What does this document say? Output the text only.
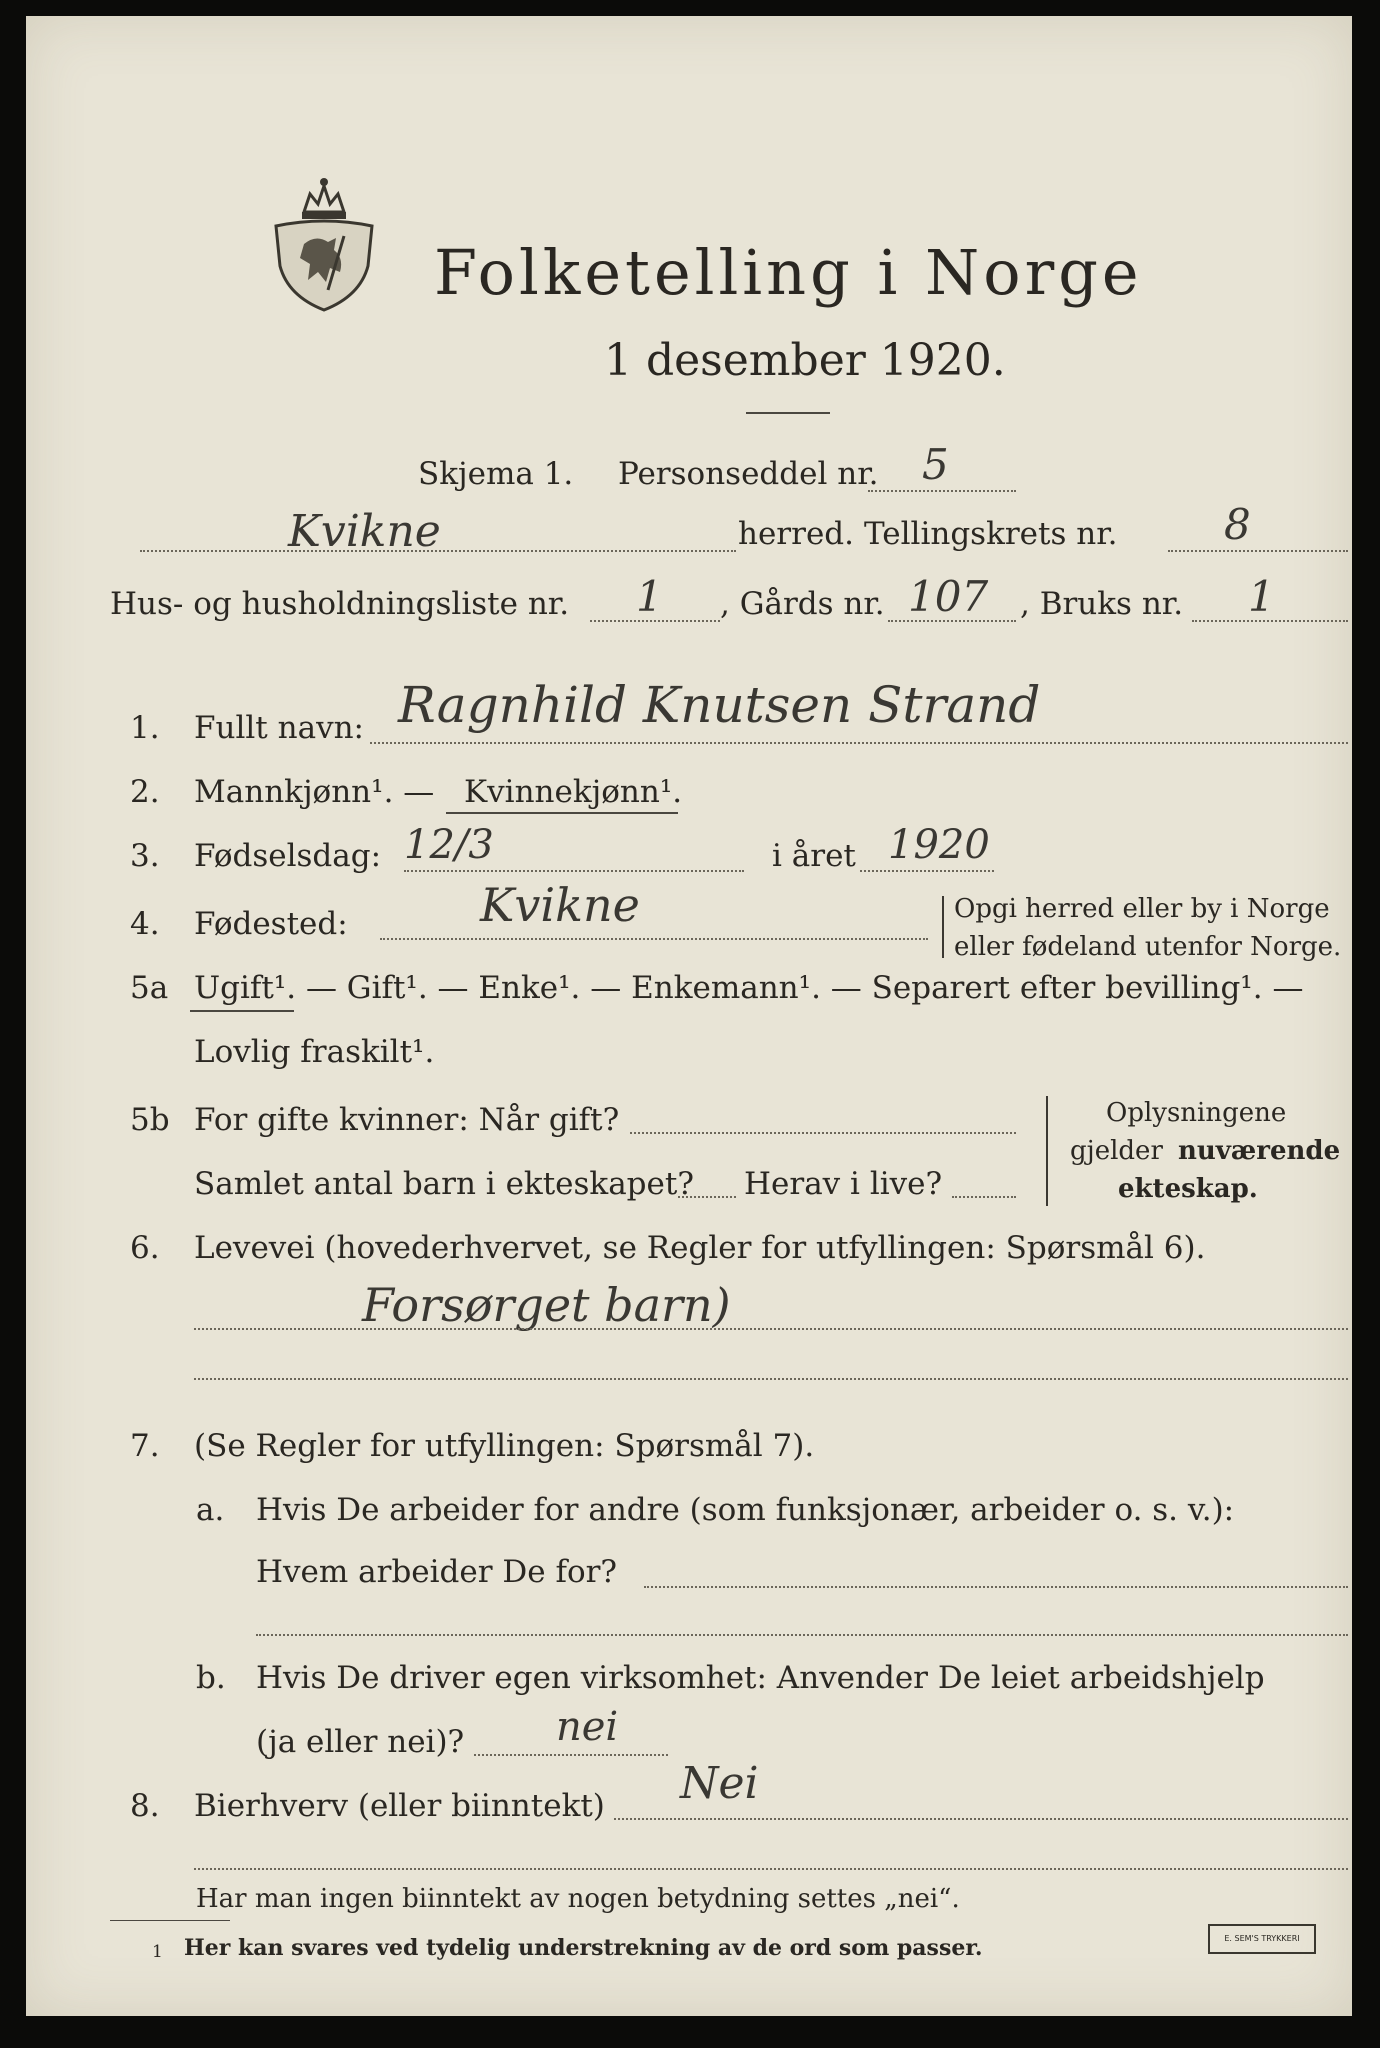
Folketelling i Norge
1 desember 1920.
Skjema 1. Personseddel nr. 5
Kvikne	herred. Tellingskrets nr.	8
Hus- og husholdningsliste nr. 1 , Gårds nr. 107 , Bruks nr. 1
1. Fullt navn: Ragnhild Knutsen Strand
2. Mannkjønn¹. — Kvinnekjønn¹.
3. Fødselsdag: 12/3	i året 1920
4. Fødested:	Kvikne	Opgi herred eller by i Norge
eller fødeland utenfor Norge.
5a Ugift¹. — Gift¹. — Enke¹. — Enkemann¹. — Separert efter bevilling¹. —
Lovlig fraskilt¹.
5b For gifte kvinner: Når gift?
Samlet antal barn i ekteskapet? Herav i live?
Oplysningene
gjelder nuværende
ekteskap.
6. Levevei (hovederhvervet, se Regler for utfyllingen: Spørsmål 6).
Forsørget barn)
7. (Se Regler for utfyllingen: Spørsmål 7).
a. Hvis De arbeider for andre (som funksjonær, arbeider o. s. v.):
Hvem arbeider De for?
b. Hvis De driver egen virksomhet: Anvender De leiet arbeidshjelp
(ja eller nei)? nei
8. Bierhverv (eller biinntekt) Nei
Har man ingen biinntekt av nogen betydning settes „nei“.
1 Her kan svares ved tydelig understrekning av de ord som passer.	E. SEM'S TRYKKERI
